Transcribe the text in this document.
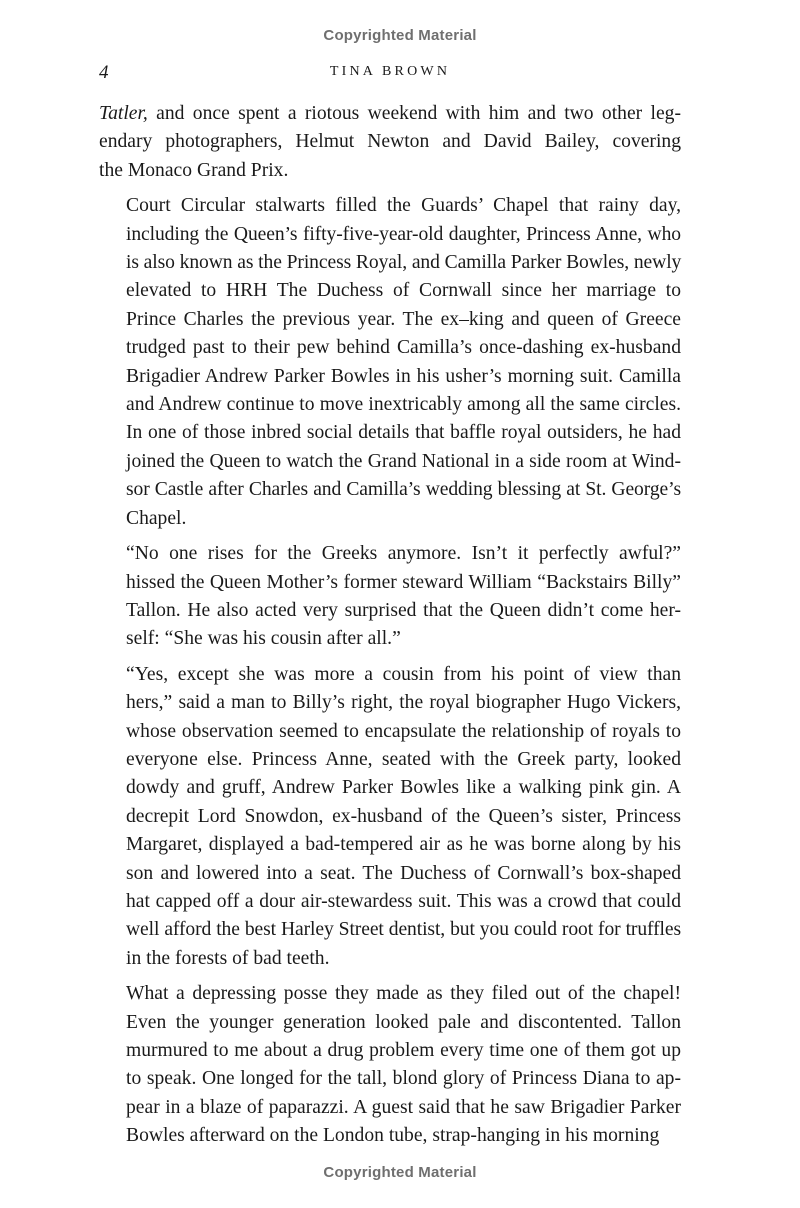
Copyrighted Material
4	TINA BROWN

Tatler, and once spent a riotous weekend with him and two other leg-
endary photographers, Helmut Newton and David Bailey, covering
the Monaco Grand Prix.

Court Circular stalwarts filled the Guards’ Chapel that rainy day,
including the Queen’s fifty-five-year-old daughter, Princess Anne, who
is also known as the Princess Royal, and Camilla Parker Bowles, newly
elevated to HRH The Duchess of Cornwall since her marriage to
Prince Charles the previous year. The ex–king and queen of Greece
trudged past to their pew behind Camilla’s once-dashing ex-husband
Brigadier Andrew Parker Bowles in his usher’s morning suit. Camilla
and Andrew continue to move inextricably among all the same circles.
In one of those inbred social details that baffle royal outsiders, he had
joined the Queen to watch the Grand National in a side room at Wind-
sor Castle after Charles and Camilla’s wedding blessing at St. George’s
Chapel.

“No one rises for the Greeks anymore. Isn’t it perfectly awful?”
hissed the Queen Mother’s former steward William “Backstairs Billy”
Tallon. He also acted very surprised that the Queen didn’t come her-
self: “She was his cousin after all.”

“Yes, except she was more a cousin from his point of view than
hers,” said a man to Billy’s right, the royal biographer Hugo Vickers,
whose observation seemed to encapsulate the relationship of royals to
everyone else. Princess Anne, seated with the Greek party, looked
dowdy and gruff, Andrew Parker Bowles like a walking pink gin. A
decrepit Lord Snowdon, ex-husband of the Queen’s sister, Princess
Margaret, displayed a bad-tempered air as he was borne along by his
son and lowered into a seat. The Duchess of Cornwall’s box-shaped
hat capped off a dour air-stewardess suit. This was a crowd that could
well afford the best Harley Street dentist, but you could root for truffles
in the forests of bad teeth.

What a depressing posse they made as they filed out of the chapel!
Even the younger generation looked pale and discontented. Tallon
murmured to me about a drug problem every time one of them got up
to speak. One longed for the tall, blond glory of Princess Diana to ap-
pear in a blaze of paparazzi. A guest said that he saw Brigadier Parker
Bowles afterward on the London tube, strap-hanging in his morning

Copyrighted Material
